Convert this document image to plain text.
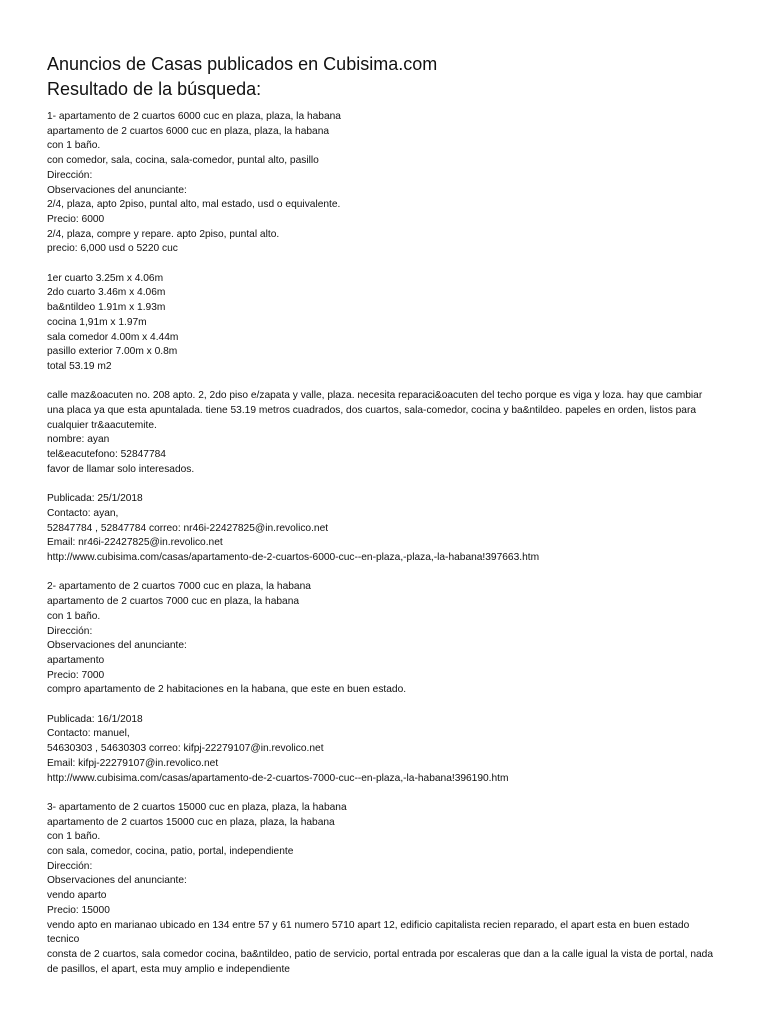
Anuncios de Casas publicados en Cubisima.com
Resultado de la búsqueda:
1- apartamento de 2 cuartos 6000 cuc en plaza, plaza, la habana
apartamento de 2 cuartos 6000 cuc en plaza, plaza, la habana
con 1 baño.
con comedor, sala, cocina, sala-comedor, puntal alto, pasillo
Dirección:
Observaciones del anunciante:
2/4, plaza, apto 2piso, puntal alto, mal estado, usd o equivalente.
Precio: 6000
2/4, plaza, compre y repare. apto 2piso, puntal alto.
precio: 6,000 usd o 5220 cuc
1er cuarto 3.25m x 4.06m
2do cuarto 3.46m x 4.06m
ba&ntildeo 1.91m x 1.93m
cocina 1,91m x 1.97m
sala comedor 4.00m x 4.44m
pasillo exterior 7.00m x 0.8m
total 53.19 m2
calle maz&oacuten no. 208 apto. 2, 2do piso e/zapata y valle, plaza. necesita reparaci&oacuten del techo porque es viga y loza. hay que cambiar
una placa ya que esta apuntalada. tiene 53.19 metros cuadrados, dos cuartos, sala-comedor, cocina y ba&ntildeo. papeles en orden, listos para
cualquier tr&aacutemite.
nombre: ayan
tel&eacutefono: 52847784
favor de llamar solo interesados.
Publicada: 25/1/2018
Contacto: ayan,
52847784 , 52847784 correo: nr46i-22427825@in.revolico.net
Email: nr46i-22427825@in.revolico.net
http://www.cubisima.com/casas/apartamento-de-2-cuartos-6000-cuc--en-plaza,-plaza,-la-habana!397663.htm
2- apartamento de 2 cuartos 7000 cuc en plaza, la habana
apartamento de 2 cuartos 7000 cuc en plaza, la habana
con 1 baño.
Dirección:
Observaciones del anunciante:
apartamento
Precio: 7000
compro apartamento de 2 habitaciones en la habana, que este en buen estado.
Publicada: 16/1/2018
Contacto: manuel,
54630303 , 54630303 correo: kifpj-22279107@in.revolico.net
Email: kifpj-22279107@in.revolico.net
http://www.cubisima.com/casas/apartamento-de-2-cuartos-7000-cuc--en-plaza,-la-habana!396190.htm
3- apartamento de 2 cuartos 15000 cuc en plaza, plaza, la habana
apartamento de 2 cuartos 15000 cuc en plaza, plaza, la habana
con 1 baño.
con sala, comedor, cocina, patio, portal, independiente
Dirección:
Observaciones del anunciante:
vendo aparto
Precio: 15000
vendo apto en marianao ubicado en 134 entre 57 y 61 numero 5710 apart 12, edificio capitalista recien reparado, el apart esta en buen estado
tecnico
consta de 2 cuartos, sala comedor cocina, ba&ntildeo, patio de servicio, portal entrada por escaleras que dan a la calle igual la vista de portal, nada
de pasillos, el apart, esta muy amplio e independiente
